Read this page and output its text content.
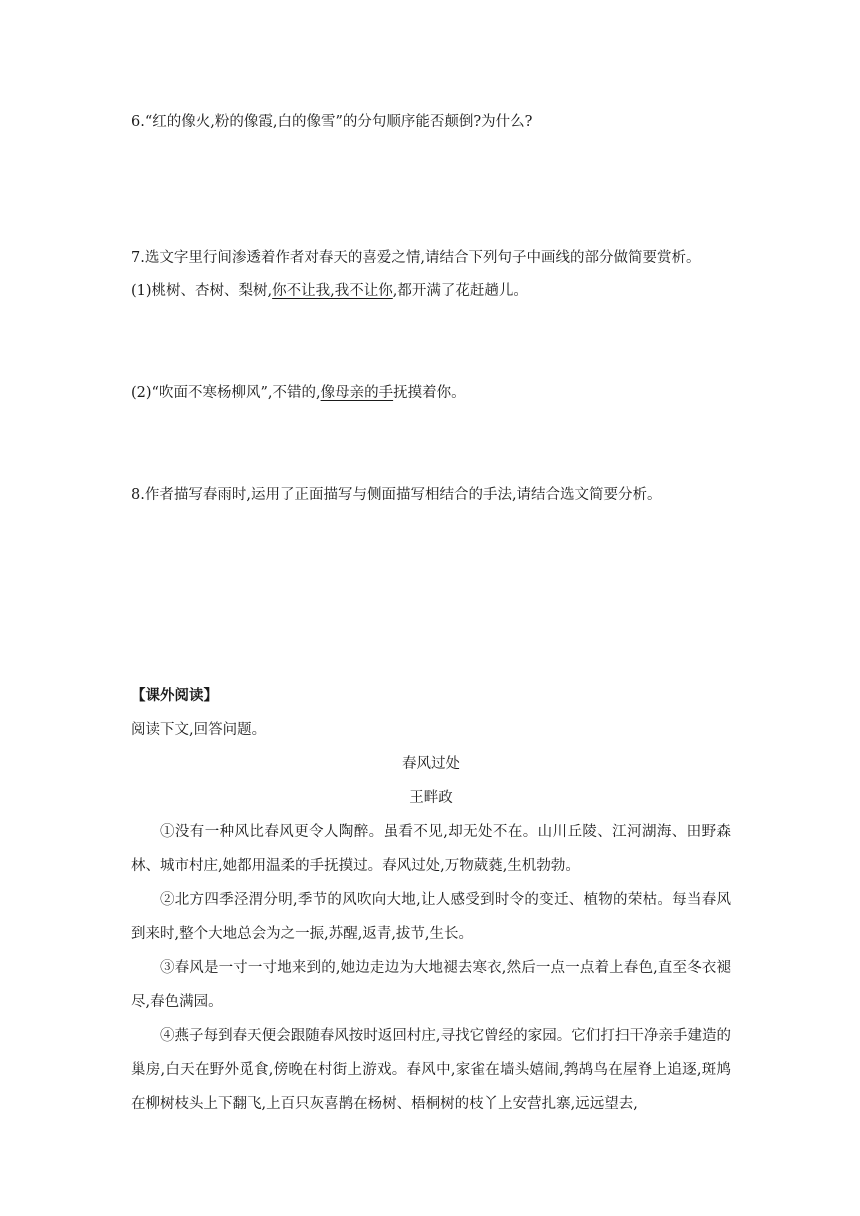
6.“红的像火,粉的像霞,白的像雪”的分句顺序能否颠倒?为什么?
7.选文字里行间渗透着作者对春天的喜爱之情,请结合下列句子中画线的部分做简要赏析。
(1)桃树、杏树、梨树,你不让我,我不让你,都开满了花赶趟儿。
(2)“吹面不寒杨柳风”,不错的,像母亲的手抚摸着你。
8.作者描写春雨时,运用了正面描写与侧面描写相结合的手法,请结合选文简要分析。
【课外阅读】
阅读下文,回答问题。
春风过处
王畔政
①没有一种风比春风更令人陶醉。虽看不见,却无处不在。山川丘陵、江河湖海、田野森林、城市村庄,她都用温柔的手抚摸过。春风过处,万物葳蕤,生机勃勃。
②北方四季泾渭分明,季节的风吹向大地,让人感受到时令的变迁、植物的荣枯。每当春风到来时,整个大地总会为之一振,苏醒,返青,拔节,生长。
③春风是一寸一寸地来到的,她边走边为大地褪去寒衣,然后一点一点着上春色,直至冬衣褪尽,春色满园。
④燕子每到春天便会跟随春风按时返回村庄,寻找它曾经的家园。它们打扫干净亲手建造的巢房,白天在野外觅食,傍晚在村街上游戏。春风中,家雀在墙头嬉闹,鹁鸪鸟在屋脊上追逐,斑鸠在柳树枝头上下翻飞,上百只灰喜鹊在杨树、梧桐树的枝丫上安营扎寨,远远望去,
